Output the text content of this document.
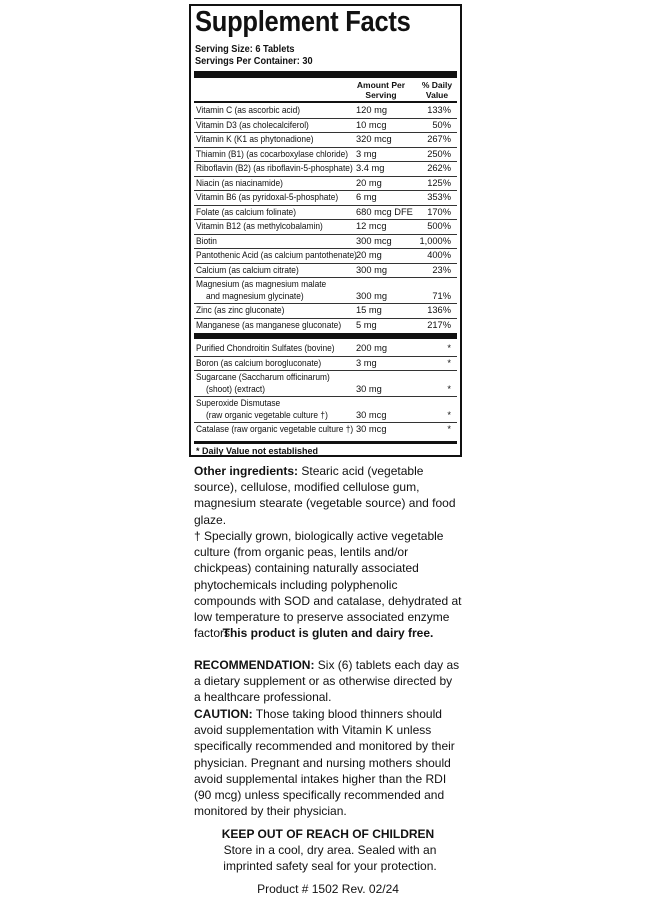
Supplement Facts
Serving Size: 6 Tablets
Servings Per Container: 30
Amount Per
Serving
% Daily
Value
Vitamin C (as ascorbic acid)	120 mg	133%
Vitamin D3 (as cholecalciferol)	10 mcg	50%
Vitamin K (K1 as phytonadione)	320 mcg	267%
Thiamin (B1) (as cocarboxylase chloride) 3 mg	250%
Riboflavin (B2) (as riboflavin-5-phosphate) 3.4 mg	262%
Niacin (as niacinamide)	20 mg	125%
Vitamin B6 (as pyridoxal-5-phosphate) 6 mg	353%
Folate (as calcium folinate)	680 mcg DFE 170%
Vitamin B12 (as methylcobalamin)	12 mcg	500%
Biotin	300 mcg	1,000%
Pantothenic Acid (as calcium pantothenate) 20 mg	400%
Calcium (as calcium citrate)	300 mg	23%
Magnesium (as magnesium malate
and magnesium glycinate)	300 mg	71%
Zinc (as zinc gluconate)	15 mg	136%
Manganese (as manganese gluconate) 5 mg	217%
Purified Chondroitin Sulfates (bovine) 200 mg	*
Boron (as calcium borogluconate)	3 mg	*
Sugarcane (Saccharum officinarum)
(shoot) (extract)	30 mg	*
Superoxide Dismutase
(raw organic vegetable culture †)	30 mcg	*
Catalase (raw organic vegetable culture †) 30 mcg	*
* Daily Value not established
Other ingredients: Stearic acid (vegetable source), cellulose, modified cellulose gum, magnesium stearate (vegetable source) and food glaze.
† Specially grown, biologically active vegetable culture (from organic peas, lentils and/or chickpeas) containing naturally associated phytochemicals including polyphenolic compounds with SOD and catalase, dehydrated at low temperature to preserve associated enzyme factors.
This product is gluten and dairy free.
RECOMMENDATION: Six (6) tablets each day as a dietary supplement or as otherwise directed by a healthcare professional.
CAUTION: Those taking blood thinners should avoid supplementation with Vitamin K unless specifically recommended and monitored by their physician. Pregnant and nursing mothers should avoid supplemental intakes higher than the RDI (90 mcg) unless specifically recommended and monitored by their physician.
KEEP OUT OF REACH OF CHILDREN
Store in a cool, dry area. Sealed with an imprinted safety seal for your protection.
Product # 1502 Rev. 02/24
